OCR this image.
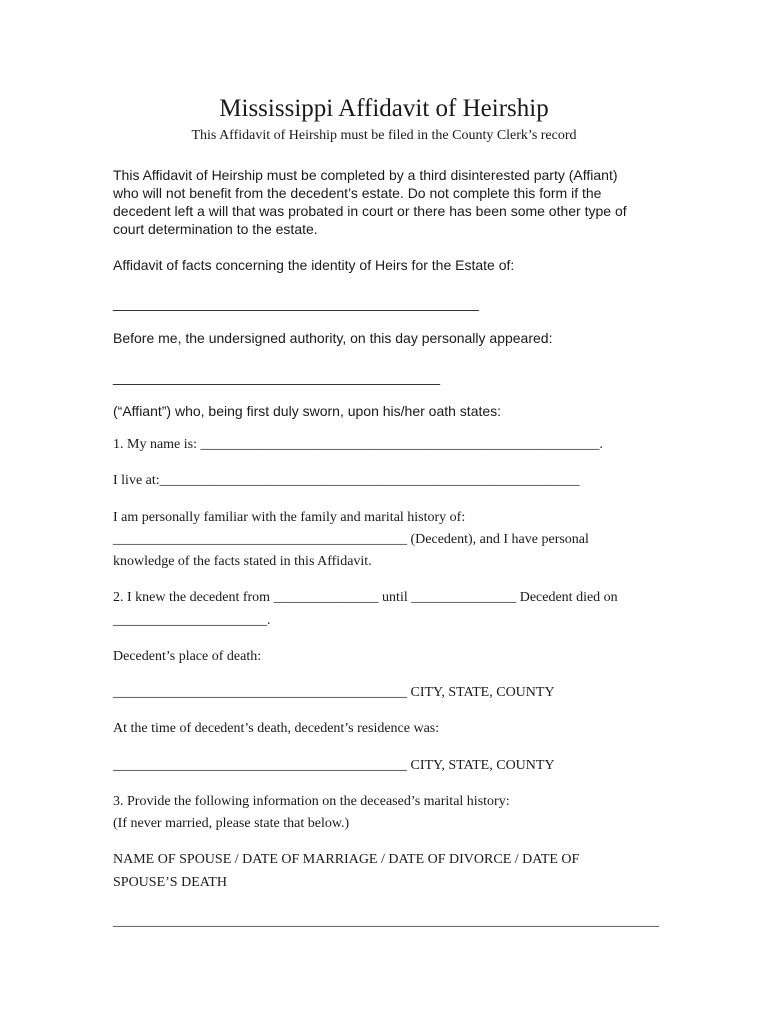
Mississippi Affidavit of Heirship
This Affidavit of Heirship must be filed in the County Clerk’s record
This Affidavit of Heirship must be completed by a third disinterested party (Affiant)
who will not benefit from the decedent’s estate. Do not complete this form if the
decedent left a will that was probated in court or there has been some other type of
court determination to the estate.
Affidavit of facts concerning the identity of Heirs for the Estate of:
_______________________________________________
Before me, the undersigned authority, on this day personally appeared:
__________________________________________
(“Affiant”) who, being first duly sworn, upon his/her oath states:
1. My name is: _________________________________________________________.
I live at:____________________________________________________________
I am personally familiar with the family and marital history of:
__________________________________________ (Decedent), and I have personal
knowledge of the facts stated in this Affidavit.
2. I knew the decedent from _______________ until _______________ Decedent died on
______________________.
Decedent’s place of death:
__________________________________________ CITY, STATE, COUNTY
At the time of decedent’s death, decedent’s residence was:
__________________________________________ CITY, STATE, COUNTY
3. Provide the following information on the deceased’s marital history:
(If never married, please state that below.)
NAME OF SPOUSE / DATE OF MARRIAGE / DATE OF DIVORCE / DATE OF
SPOUSE’S DEATH
______________________________________________________________________________
